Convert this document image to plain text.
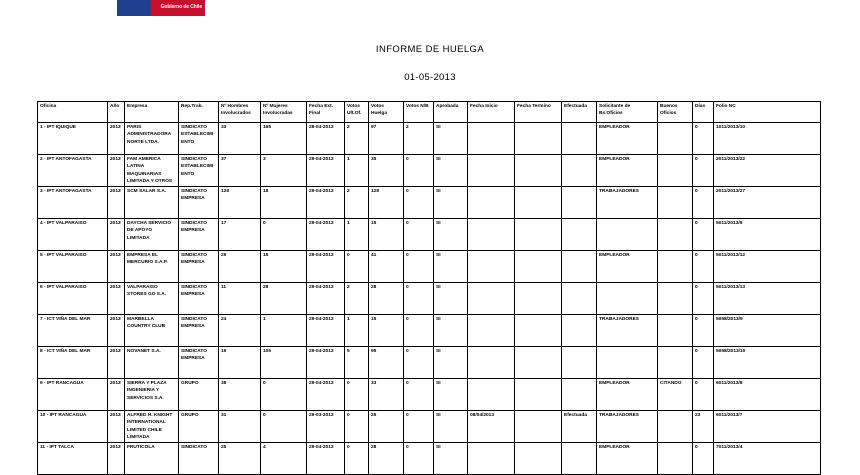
Gobierno de Chile
INFORME DE HUELGA
01-05-2013
Oficina	Año	Empresa	Rep.Trab.	Nº Hombres Involucrados	Nº Mujeres Involucradas	Fecha Ext. Final	Votos Ult.Of.	Votos Huelga	Votos N/B	Aprobada	Fecha Inicio	Fecha Termino	Efectuada	Solicitante de Bs.Oficios	Buenos Oficios	Días	Folio NC
1 - IPT IQUIQUE	2013	PARIS ADMINISTRADORA NORTE LTDA.	SINDICATO ESTABLECIMIENTO	33	165	28-04-2013	2	97	2	SI				EMPLEADOR		0	1011/2013/10
2 - IPT ANTOFAGASTA	2013	FAM AMERICA LATINA MAQUINARIAS LIMITADA Y OTROS	SINDICATO ESTABLECIMIENTO	37	3	29-04-2013	1	35	0	SI				EMPLEADOR		0	2011/2013/22
3 - IPT ANTOFAGASTA	2013	SCM SALAR S.A.	SINDICATO EMPRESA	128	18	29-04-2013	2	128	0	SI				TRABAJADORES		0	2011/2013/27
4 - IPT VALPARAISO	2013	DAYCHA SERVICIO DE APOYO LIMITADA	SINDICATO EMPRESA	17	0	29-04-2013	1	15	0	SI						0	5011/2013/9
5 - IPT VALPARAISO	2013	EMPRESA EL MERCURIO S.A.P.	SINDICATO EMPRESA	29	15	29-04-2013	0	41	0	SI				EMPLEADOR		0	5011/2013/12
6 - IPT VALPARAISO	2013	VALPARAISO STORES GO S.A.	SINDICATO EMPRESA	11	28	29-04-2013	2	28	0	SI						0	5011/2013/13
7 - ICT VIÑA DEL MAR	2013	MARBELLA COUNTRY CLUB	SINDICATO EMPRESA	24	1	29-04-2013	1	15	0	SI				TRABAJADORES		0	5058/2013/9
8 - ICT VIÑA DEL MAR	2013	NOVANET S.A.	SINDICATO EMPRESA	19	105	29-04-2013	5	95	0	SI						0	5058/2013/10
9 - IPT RANCAGUA	2013	SIERRA Y PLAZA INGENIERIA Y SERVICIOS S.A.	GRUPO	38	0	29-04-2013	0	33	0	SI				EMPLEADOR	CITANDO	0	6011/2013/8
10 - IPT RANCAGUA	2013	ALFRED H. KNIGHT INTERNATIONAL LIMITED CHILE LIMITADA	GRUPO	31	0	29-03-2013	0	25	0	SI	08/04/2013		Efectuada	TRABAJADORES		23	6011/2013/7
11 - IPT TALCA	2013	FRUTICOLA	SINDICATO	25	4	29-04-2013	0	28	0	SI				EMPLEADOR		0	7011/2013/4
